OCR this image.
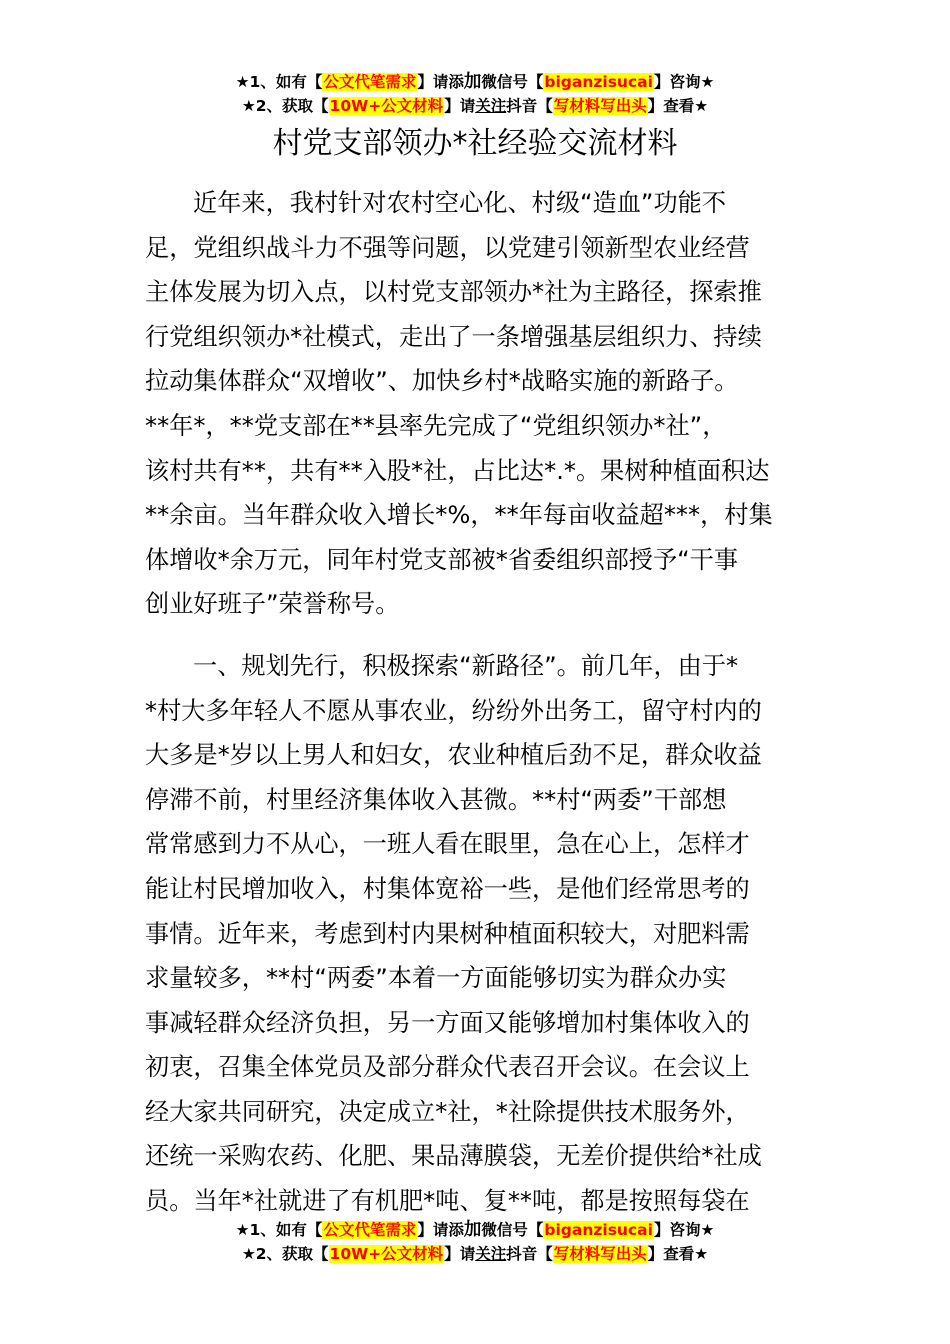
★1、如有【公文代笔需求】请添加微信号【biganzisucai】咨询★
★2、获取【10W+公文材料】请关注抖音【写材料写出头】查看★
村党支部领办*社经验交流材料
近年来，我村针对农村空心化、村级“造血”功能不
足，党组织战斗力不强等问题，以党建引领新型农业经营
主体发展为切入点，以村党支部领办*社为主路径，探索推
行党组织领办*社模式，走出了一条增强基层组织力、持续
拉动集体群众“双增收”、加快乡村*战略实施的新路子。
**年*，**党支部在**县率先完成了“党组织领办*社”，
该村共有**，共有**入股*社，占比达*.*。果树种植面积达
**余亩。当年群众收入增长*%，**年每亩收益超***，村集
体增收*余万元，同年村党支部被*省委组织部授予“干事
创业好班子”荣誉称号。
一、规划先行，积极探索“新路径”。前几年，由于*
*村大多年轻人不愿从事农业，纷纷外出务工，留守村内的
大多是*岁以上男人和妇女，农业种植后劲不足，群众收益
停滞不前，村里经济集体收入甚微。**村“两委”干部想
常常感到力不从心，一班人看在眼里，急在心上，怎样才
能让村民增加收入，村集体宽裕一些，是他们经常思考的
事情。近年来，考虑到村内果树种植面积较大，对肥料需
求量较多，**村“两委”本着一方面能够切实为群众办实
事减轻群众经济负担，另一方面又能够增加村集体收入的
初衷，召集全体党员及部分群众代表召开会议。在会议上
经大家共同研究，决定成立*社，*社除提供技术服务外，
还统一采购农药、化肥、果品薄膜袋，无差价提供给*社成
员。当年*社就进了有机肥*吨、复**吨，都是按照每袋在
★1、如有【公文代笔需求】请添加微信号【biganzisucai】咨询★
★2、获取【10W+公文材料】请关注抖音【写材料写出头】查看★
